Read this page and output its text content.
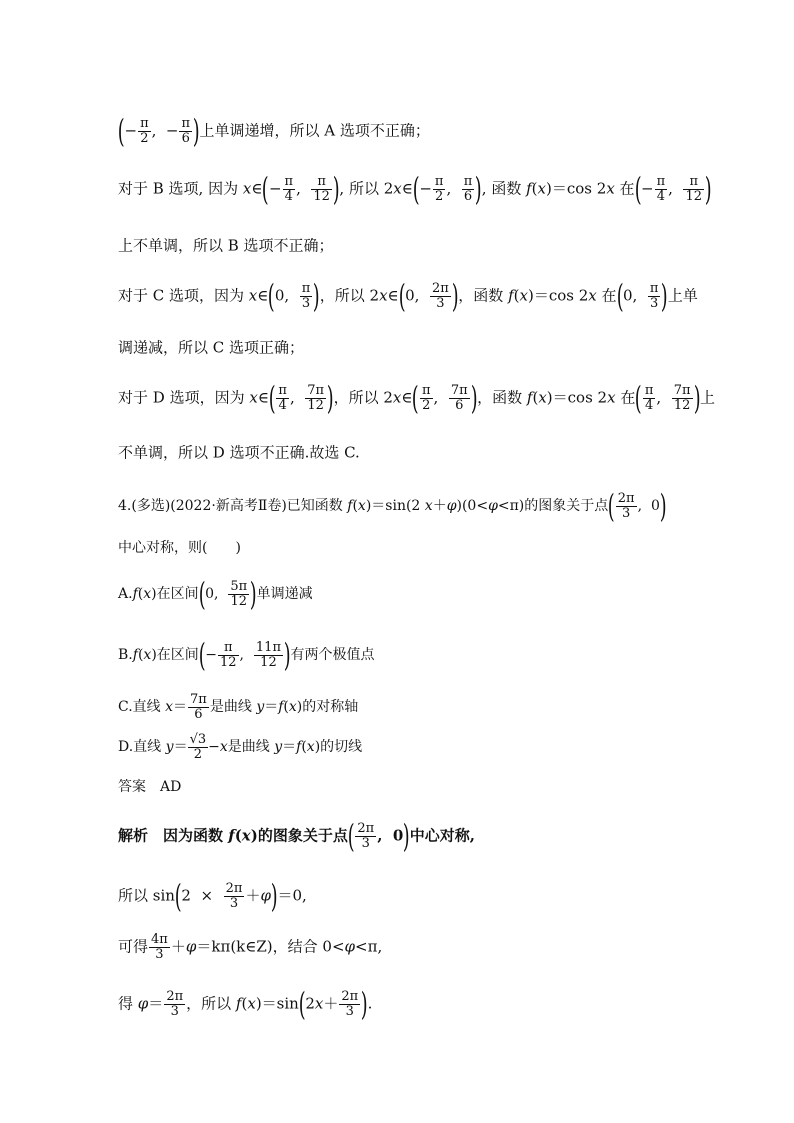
(− $\frac{\pi}{2}$ ,  − $\frac{\pi}{6}$ )上单调递增，所以 A 选项不正确；
对于 B 选项, 因为 x∈(− $\frac{\pi}{4}$ , $\frac{\pi}{12}$ ), 所以 2x∈(− $\frac{\pi}{2}$ , $\frac{\pi}{6}$ ), 函数 f(x)＝cos 2x 在(− $\frac{\pi}{4}$ , $\frac{\pi}{12}$ )
上不单调，所以 B 选项不正确；
对于 C 选项，因为 x∈(0, $\frac{\pi}{3}$ )，所以 2x∈(0, $\frac{2\pi}{3}$ )，函数 f(x)＝cos 2x 在(0, $\frac{\pi}{3}$ )上单
调递减，所以 C 选项正确；
对于 D 选项，因为 x∈( $\frac{\pi}{4}$ , $\frac{7\pi}{12}$ )，所以 2x∈( $\frac{\pi}{2}$ , $\frac{7\pi}{6}$ )，函数 f(x)＝cos 2x 在( $\frac{\pi}{4}$ , $\frac{7\pi}{12}$ )上
不单调，所以 D 选项不正确.故选 C.
4.(多选)(2022·新高考Ⅱ卷)已知函数 f(x)＝sin(2 x＋φ)(0<φ<π)的图象关于点( $\frac{2\pi}{3}$ ,  0)
中心对称，则(　　)
A.f(x)在区间(0, $\frac{5\pi}{12}$ )单调递减
B.f(x)在区间(− $\frac{\pi}{12}$ , $\frac{11\pi}{12}$ )有两个极值点
C.直线 $x= \frac{7\pi}{6}$ 是曲线 y＝f(x)的对称轴
D.直线 $y= \frac{√3}{2} -x$是曲线 y＝f(x)的切线
答案　AD
解析　因为函数 f(x)的图象关于点( $\frac{2\pi}{3}$ ,  0)中心对称,
所以 $\sin(2 \times \frac{2\pi}{3} +\varphi)=0$,
可得 $\frac{4\pi}{3}$ ＋φ＝kπ(k∈Z)，结合 0<φ<π,
得 $\varphi= \frac{2\pi}{3}$ ，所以 $f(x)=\sin(2x+ \frac{2\pi}{3}$ ).
